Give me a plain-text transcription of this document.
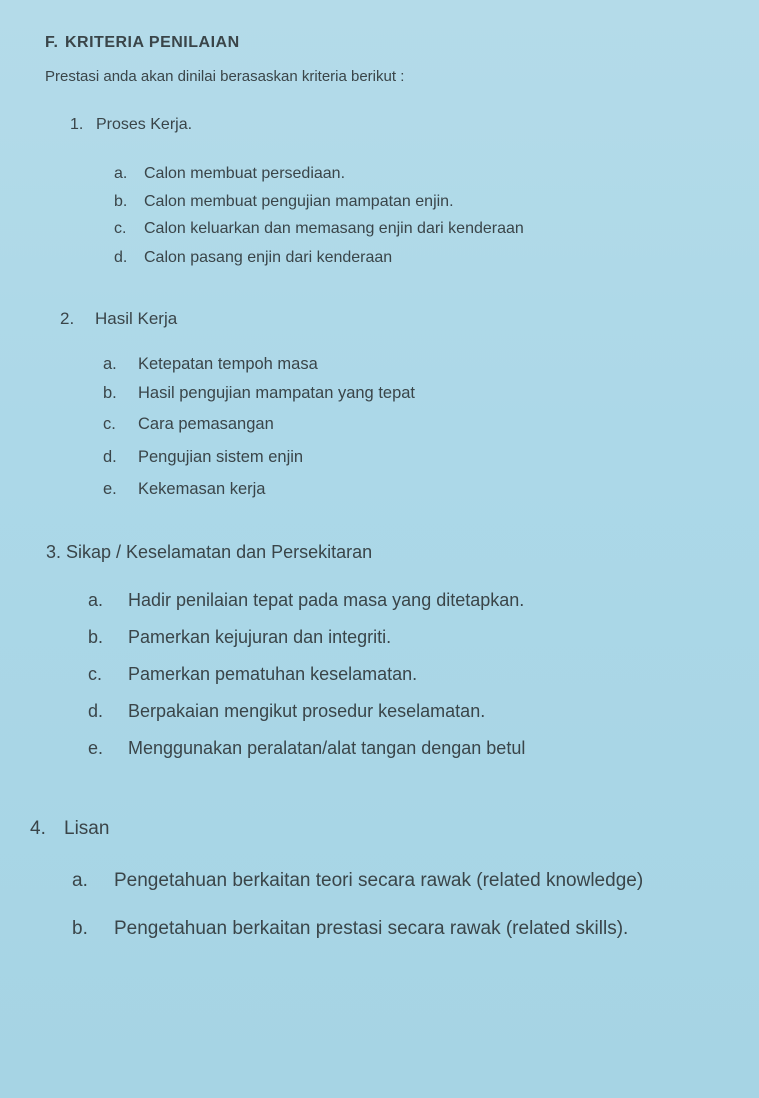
F. KRITERIA PENILAIAN
Prestasi anda akan dinilai berasaskan kriteria berikut :
1. Proses Kerja.
a. Calon membuat persediaan.
b. Calon membuat pengujian mampatan enjin.
c. Calon keluarkan dan memasang enjin dari kenderaan
d. Calon pasang enjin dari kenderaan
2. Hasil Kerja
a. Ketepatan tempoh masa
b. Hasil pengujian mampatan yang tepat
c. Cara pemasangan
d. Pengujian sistem enjin
e. Kekemasan kerja
3. Sikap / Keselamatan dan Persekitaran
a. Hadir penilaian tepat pada masa yang ditetapkan.
b. Pamerkan kejujuran dan integriti.
c. Pamerkan pematuhan keselamatan.
d. Berpakaian mengikut prosedur keselamatan.
e. Menggunakan peralatan/alat tangan dengan betul
4. Lisan
a. Pengetahuan berkaitan teori secara rawak (related knowledge)
b. Pengetahuan berkaitan prestasi secara rawak (related skills).
